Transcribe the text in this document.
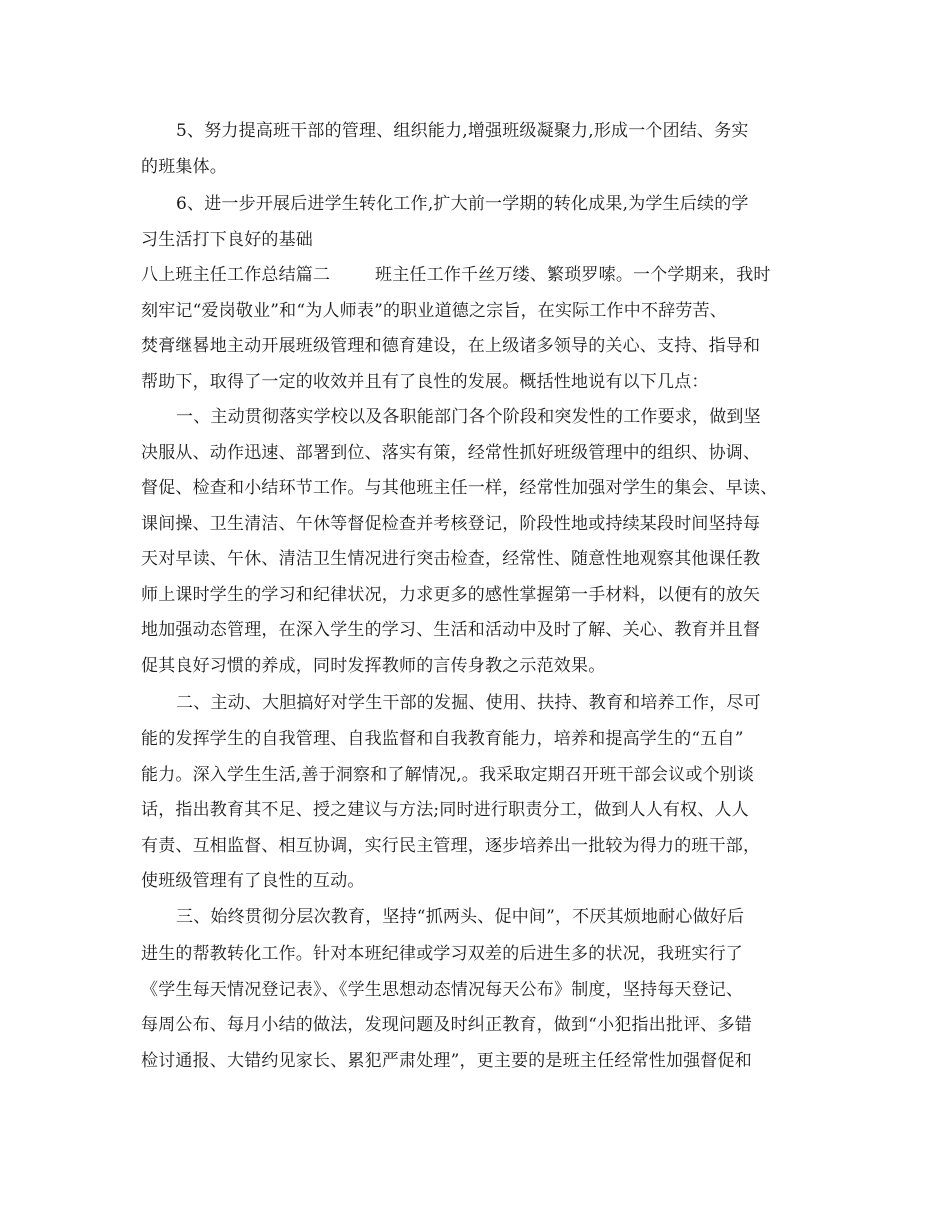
5、努力提高班干部的管理、组织能力,增强班级凝聚力,形成一个团结、务实
的班集体。
6、进一步开展后进学生转化工作,扩大前一学期的转化成果,为学生后续的学
习生活打下良好的基础
八上班主任工作总结篇二        班主任工作千丝万缕、繁琐罗嗦。一个学期来，我时
刻牢记“爱岗敬业”和“为人师表”的职业道德之宗旨，在实际工作中不辞劳苦、
焚膏继晷地主动开展班级管理和德育建设，在上级诸多领导的关心、支持、指导和
帮助下，取得了一定的收效并且有了良性的发展。概括性地说有以下几点：
一、主动贯彻落实学校以及各职能部门各个阶段和突发性的工作要求，做到坚
决服从、动作迅速、部署到位、落实有策，经常性抓好班级管理中的组织、协调、
督促、检查和小结环节工作。与其他班主任一样，经常性加强对学生的集会、早读、
课间操、卫生清洁、午休等督促检查并考核登记，阶段性地或持续某段时间坚持每
天对早读、午休、清洁卫生情况进行突击检查，经常性、随意性地观察其他课任教
师上课时学生的学习和纪律状况，力求更多的感性掌握第一手材料，以便有的放矢
地加强动态管理，在深入学生的学习、生活和活动中及时了解、关心、教育并且督
促其良好习惯的养成，同时发挥教师的言传身教之示范效果。
二、主动、大胆搞好对学生干部的发掘、使用、扶持、教育和培养工作，尽可
能的发挥学生的自我管理、自我监督和自我教育能力，培养和提高学生的“五自”
能力。深入学生生活,善于洞察和了解情况,。我采取定期召开班干部会议或个别谈
话，指出教育其不足、授之建议与方法;同时进行职责分工，做到人人有权、人人
有责、互相监督、相互协调，实行民主管理，逐步培养出一批较为得力的班干部，
使班级管理有了良性的互动。
三、始终贯彻分层次教育，坚持“抓两头、促中间”，不厌其烦地耐心做好后
进生的帮教转化工作。针对本班纪律或学习双差的后进生多的状况，我班实行了
《学生每天情况登记表》、《学生思想动态情况每天公布》制度，坚持每天登记、
每周公布、每月小结的做法，发现问题及时纠正教育，做到“小犯指出批评、多错
检讨通报、大错约见家长、累犯严肃处理”，更主要的是班主任经常性加强督促和
